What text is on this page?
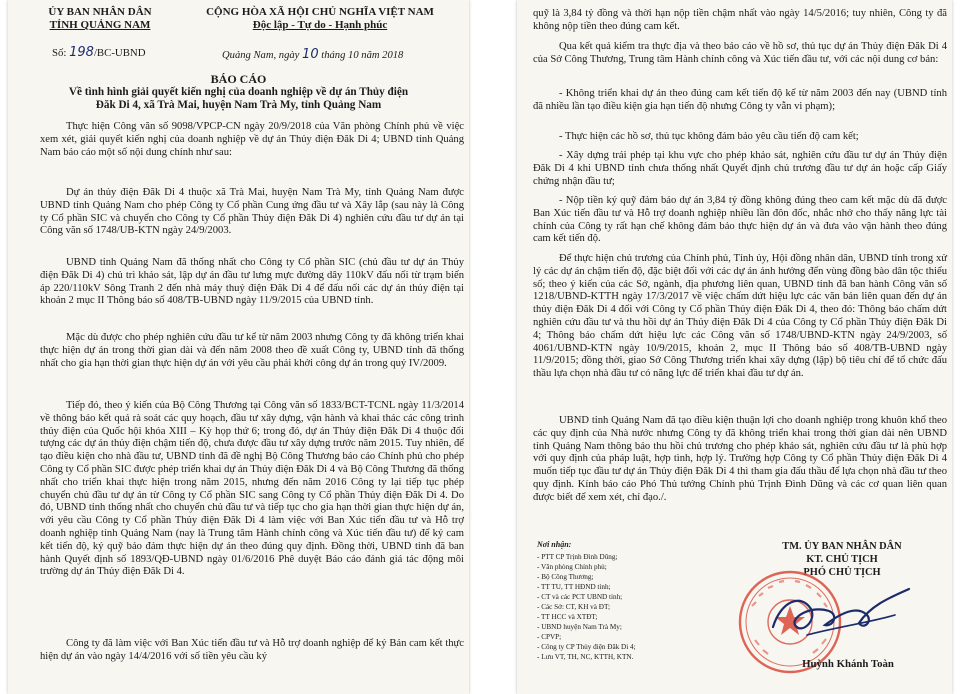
ỦY BAN NHÂN DÂN
TỈNH QUẢNG NAM
CỘNG HÒA XÃ HỘI CHỦ NGHĨA VIỆT NAM
Độc lập - Tự do - Hạnh phúc
Số: 198/BC-UBND	Quảng Nam, ngày 10 tháng 10 năm 2018
BÁO CÁO
Về tình hình giải quyết kiến nghị của doanh nghiệp về dự án Thủy điện
Đăk Di 4, xã Trà Mai, huyện Nam Trà My, tỉnh Quảng Nam

Thực hiện Công văn số 9098/VPCP-CN ngày 20/9/2018 của Văn phòng Chính phủ về việc xem xét, giải quyết kiến nghị của doanh nghiệp về dự án Thủy điện Đăk Di 4; UBND tỉnh Quảng Nam báo cáo một số nội dung chính như sau:

Dự án thủy điện Đăk Di 4 thuộc xã Trà Mai, huyện Nam Trà My, tỉnh Quảng Nam được UBND tỉnh Quảng Nam cho phép Công ty Cổ phần Cung ứng đầu tư và Xây lắp (sau này là Công ty Cổ phần SIC và chuyển cho Công ty Cổ phần Thủy điện Đăk Di 4) nghiên cứu đầu tư dự án tại Công văn số 1748/UB-KTN ngày 24/9/2003.

UBND tỉnh Quảng Nam đã thống nhất cho Công ty Cổ phần SIC (chủ đầu tư dự án Thủy điện Đăk Di 4) chủ trì khảo sát, lập dự án đầu tư lưng mực đường dây 110kV đấu nối từ trạm biến áp 220/110kV Sông Tranh 2 đến nhà máy thuỷ điện Đăk Di 4 để đấu nối các dự án thủy điện tại khoản 2 mục II Thông báo số 408/TB-UBND ngày 11/9/2015 của UBND tỉnh.

Mặc dù được cho phép nghiên cứu đầu tư kể từ năm 2003 nhưng Công ty đã không triển khai thực hiện dự án trong thời gian dài và đến năm 2008 theo đề xuất Công ty, UBND tỉnh đã thống nhất cho gia hạn thời gian thực hiện dự án với yêu cầu phải khởi công dự án trong quý IV/2009.

Tiếp đó, theo ý kiến của Bộ Công Thương tại Công văn số 1833/BCT-TCNL ngày 11/3/2014 về thông báo kết quả rà soát các quy hoạch, đầu tư xây dựng, vận hành và khai thác các công trình thủy điện của Quốc hội khóa XIII – Kỳ họp thứ 6; trong đó, dự án Thủy điện Đăk Di 4 thuộc đối tượng các dự án thủy điện chậm tiến độ, chưa được đầu tư xây dựng trước năm 2015. Tuy nhiên, để tạo điều kiện cho nhà đầu tư, UBND tỉnh đã đề nghị Bộ Công Thương báo cáo Chính phủ cho phép Công ty Cổ phần SIC được phép triển khai dự án Thủy điện Đăk Di 4 và Bộ Công Thương đã thống nhất cho triển khai thực hiện trong năm 2015, nhưng đến năm 2016 Công ty lại tiếp tục phép chuyển chủ đầu tư dự án từ Công ty Cổ phần SIC sang Công ty Cổ phần Thủy điện Đăk Di 4. Do đó, UBND tỉnh thống nhất cho chuyển chủ đầu tư và tiếp tục cho gia hạn thời gian thực hiện dự án, với yêu cầu Công ty Cổ phần Thủy điện Đăk Di 4 làm việc với Ban Xúc tiến đầu tư và Hỗ trợ doanh nghiệp tỉnh Quảng Nam (nay là Trung tâm Hành chính công và Xúc tiến đầu tư) để ký cam kết tiến độ, ký quỹ bảo đảm thực hiện dự án theo đúng quy định. Đồng thời, UBND tỉnh đã ban hành Quyết định số 1893/QĐ-UBND ngày 01/6/2016 Phê duyệt Báo cáo đánh giá tác động môi trường dự án Thủy điện Đăk Di 4.

Công ty đã làm việc với Ban Xúc tiến đầu tư và Hỗ trợ doanh nghiệp để ký Bản cam kết thực hiện dự án vào ngày 14/4/2016 với số tiền yêu cầu ký

quỹ là 3,84 tỷ đồng và thời hạn nộp tiền chậm nhất vào ngày 14/5/2016; tuy nhiên, Công ty đã không nộp tiền theo đúng cam kết.

Qua kết quả kiểm tra thực địa và theo báo cáo về hồ sơ, thủ tục dự án Thủy điện Đăk Di 4 của Sở Công Thương, Trung tâm Hành chính công và Xúc tiến đầu tư, với các nội dung cơ bản:

- Không triển khai dự án theo đúng cam kết tiến độ kể từ năm 2003 đến nay (UBND tỉnh đã nhiều lần tạo điều kiện gia hạn tiến độ nhưng Công ty vẫn vi phạm);

- Thực hiện các hồ sơ, thủ tục không đảm bảo yêu cầu tiến độ cam kết;

- Xây dựng trái phép tại khu vực cho phép khảo sát, nghiên cứu đầu tư dự án Thủy điện Đăk Di 4 khi UBND tỉnh chưa thống nhất Quyết định chủ trương đầu tư dự án hoặc cấp Giấy chứng nhận đầu tư;

- Nộp tiền ký quỹ đảm bảo dự án 3,84 tỷ đồng không đúng theo cam kết mặc dù đã được Ban Xúc tiến đầu tư và Hỗ trợ doanh nghiệp nhiều lần đôn đốc, nhắc nhở cho thấy năng lực tài chính của Công ty rất hạn chế không đảm bảo thực hiện dự án và đưa vào vận hành theo đúng cam kết tiến độ.

Để thực hiện chủ trương của Chính phủ, Tỉnh ủy, Hội đồng nhân dân, UBND tỉnh trong xử lý các dự án chậm tiến độ, đặc biệt đối với các dự án ảnh hưởng đến vùng đồng bào dân tộc thiểu số; theo ý kiến của các Sở, ngành, địa phương liên quan, UBND tỉnh đã ban hành Công văn số 1218/UBND-KTTH ngày 17/3/2017 về việc chấm dứt hiệu lực các văn bản liên quan đến dự án thủy điện Đăk Di 4 đối với Công ty Cổ phần Thủy điện Đăk Di 4, theo đó: Thông báo chấm dứt nghiên cứu đầu tư và thu hồi dự án Thủy điện Đăk Di 4 của Công ty Cổ phần Thủy điện Đăk Di 4; Thông báo chấm dứt hiệu lực các Công văn số 1748/UBND-KTN ngày 24/9/2003, số 4061/UBND-KTN ngày 10/9/2015, khoản 2, mục II Thông báo số 408/TB-UBND ngày 11/9/2015; đồng thời, giao Sở Công Thương triển khai xây dựng (lập) bộ tiêu chí để tổ chức đấu thầu lựa chọn nhà đầu tư có năng lực để triển khai đầu tư dự án.

UBND tỉnh Quảng Nam đã tạo điều kiện thuận lợi cho doanh nghiệp trong khuôn khổ theo các quy định của Nhà nước nhưng Công ty đã không triển khai trong thời gian dài nên UBND tỉnh Quảng Nam thông báo thu hồi chủ trương cho phép khảo sát, nghiên cứu đầu tư là phù hợp với quy định của pháp luật, hợp tình, hợp lý. Trường hợp Công ty Cổ phần Thủy điện Đăk Di 4 muốn tiếp tục đầu tư dự án Thủy điện Đăk Di 4 thì tham gia đấu thầu để lựa chọn nhà đầu tư theo quy định. Kính báo cáo Phó Thủ tướng Chính phủ Trịnh Đình Dũng và các cơ quan liên quan được biết để xem xét, chỉ đạo./.

Nơi nhận:
- PTT CP Trịnh Đình Dũng;
- Văn phòng Chính phủ;
- Bộ Công Thương;
- TT TU, TT HĐND tỉnh;
- CT và các PCT UBND tỉnh;
- Các Sở: CT, KH và ĐT;
- TT HCC và XTĐT;
- UBND huyện Nam Trà My;
- CPVP;
- Công ty CP Thủy điện Đăk Di 4;
- Lưu VT, TH, NC, KTTH, KTN.
TM. ỦY BAN NHÂN DÂN
KT. CHỦ TỊCH
PHÓ CHỦ TỊCH
Huỳnh Khánh Toàn
